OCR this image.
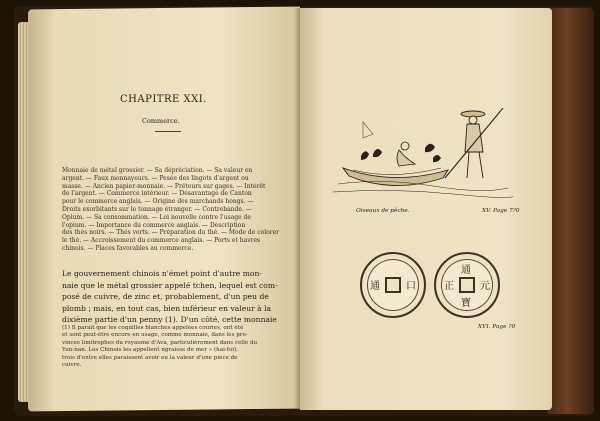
CHAPITRE XXI.
Commerce.
Monnaie de métal grossier. — Sa dépréciation. — Sa valeur en
argent. — Faux monnayeurs. — Pesée des lingots d'argent ou
masse. — Ancien papier-monnaie. — Prêteurs sur gages. — Intérêt
de l'argent. — Commerce intérieur. — Désavantage de Canton
pour le commerce anglais. — Origine des marchands hongs. —
Droits exorbitants sur le tonnage étranger. — Contrebande. —
Opium. — Sa consommation. — Loi nouvelle contre l'usage de
l'opium. — Importance du commerce anglais. — Description
des thés noirs. — Thés verts. — Préparation du thé. — Mode de colorer
le thé. — Accroissement du commerce anglais. — Ports et havres
chinois. — Places favorables au commerce.
Le gouvernement chinois n'émet point d'autre mon-
naie que le métal grossier appelé tchen, lequel est com-
posé de cuivre, de zinc et, probablement, d'un peu de
plomb ; mais, en tout cas, bien inférieur en valeur à la
dixième partie d'un penny (1). D'un côté, cette monnaie
(1) Il paraît que les coquilles blanches appelées couries, ont été
et sont peut-être encore en usage, comme monnaie, dans les pro-
vinces limitrophes du royaume d'Ava, particulièrement dans celle du
Yun-nan. Les Chinois les appellent ngraisse de mer » (hai-foi),
trois d'entre elles paraissent avoir eu la valeur d'une pièce de
cuivre.
Oiseaux de pêche.	XV. Page 7?0
通	口
通
寶
元
正
XVI. Page ?0
